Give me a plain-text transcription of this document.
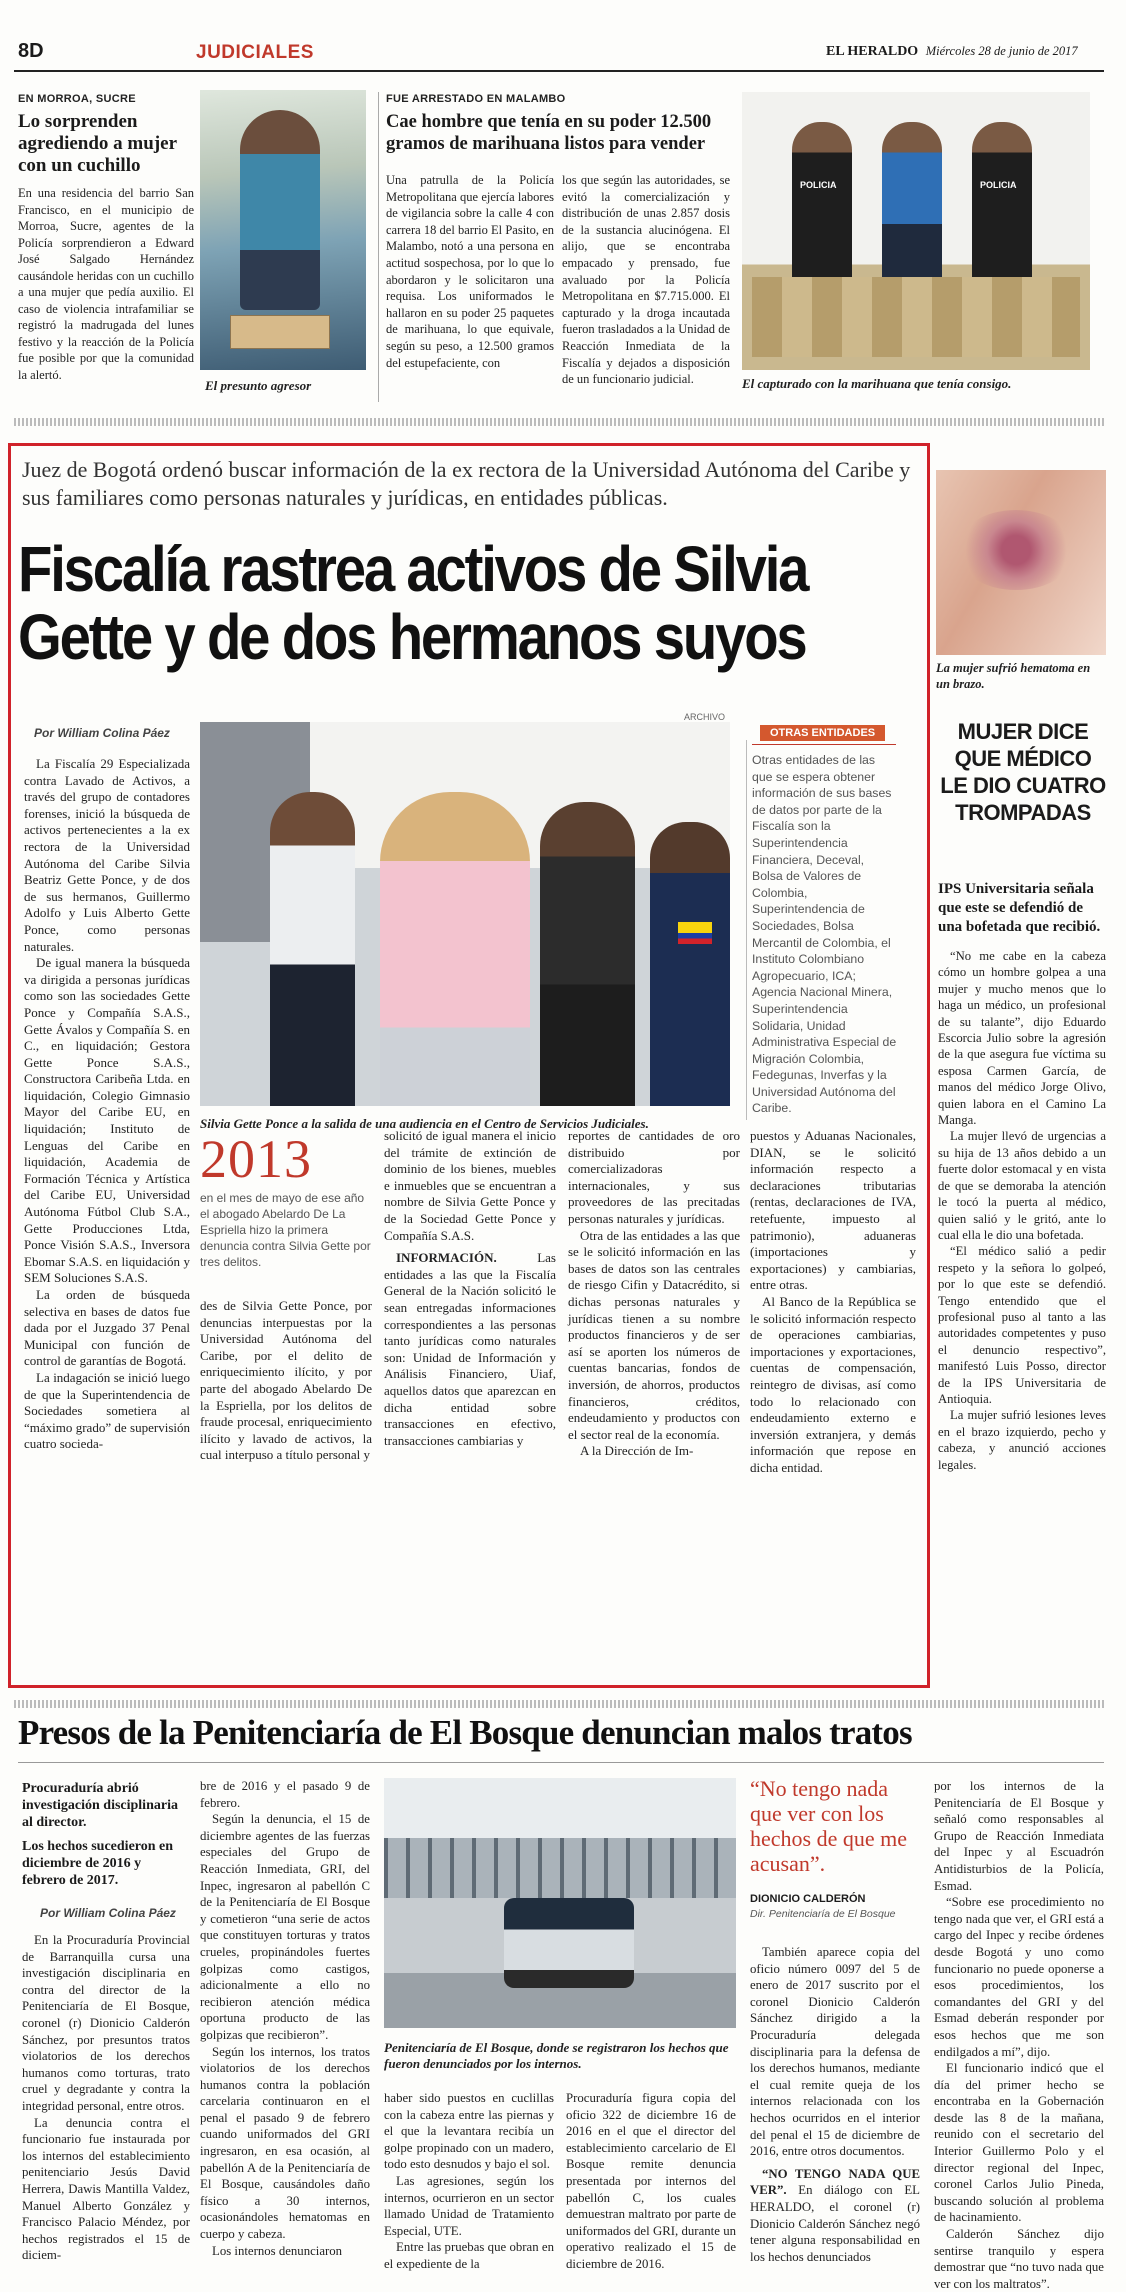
8D	JUDICIALES	EL HERALDO Miércoles 28 de junio de 2017
EN MORROA, SUCRE
Lo sorprenden agrediendo a mujer con un cuchillo
En una residencia del barrio San Francisco, en el municipio de Morroa, Sucre, agentes de la Policía sorprendieron a Edward José Salgado Hernández causándole heridas con un cuchillo a una mujer que pedía auxilio. El caso de violencia intrafamiliar se registró la madrugada del lunes festivo y la reacción de la Policía fue posible por que la comunidad la alertó.
El presunto agresor
FUE ARRESTADO EN MALAMBO
Cae hombre que tenía en su poder 12.500 gramos de marihuana listos para vender
Una patrulla de la Policía Metropolitana que ejercía labores de vigilancia sobre la calle 4 con carrera 18 del barrio El Pasito, en Malambo, notó a una persona en actitud sospechosa, por lo que lo abordaron y le solicitaron una requisa. Los uniformados le hallaron en su poder 25 paquetes de marihuana, lo que equivale, según su peso, a 12.500 gramos del estupefaciente, con
los que según las autoridades, se evitó la comercialización y distribución de unas 2.857 dosis de la sustancia alucinógena. El alijo, que se encontraba empacado y prensado, fue avaluado por la Policía Metropolitana en $7.715.000. El capturado y la droga incautada fueron trasladados a la Unidad de Reacción Inmediata de la Fiscalía y dejados a disposición de un funcionario judicial.
POLICIA	POLICIA
El capturado con la marihuana que tenía consigo.
Juez de Bogotá ordenó buscar información de la ex rectora de la Universidad Autónoma del Caribe y sus familiares como personas naturales y jurídicas, en entidades públicas.
Fiscalía rastrea activos de Silvia Gette y de dos hermanos suyos
Por William Colina Páez
ARCHIVO
La Fiscalía 29 Especializada contra Lavado de Activos, a través del grupo de contadores forenses, inició la búsqueda de activos pertenecientes a la ex rectora de la Universidad Autónoma del Caribe Silvia Beatriz Gette Ponce, y de dos de sus hermanos, Guillermo Adolfo y Luis Alberto Gette Ponce, como personas naturales.
De igual manera la búsqueda va dirigida a personas jurídicas como son las sociedades Gette Ponce y Compañía S.A.S., Gette Ávalos y Compañía S. en C., en liquidación; Gestora Gette Ponce S.A.S., Constructora Caribeña Ltda. en liquidación, Colegio Gimnasio Mayor del Caribe EU, en liquidación; Instituto de Lenguas del Caribe en liquidación, Academia de Formación Técnica y Artística del Caribe EU, Universidad Autónoma Fútbol Club S.A., Gette Producciones Ltda, Ponce Visión S.A.S., Inversora Ebomar S.A.S. en liquidación y SEM Soluciones S.A.S.
La orden de búsqueda selectiva en bases de datos fue dada por el Juzgado 37 Penal Municipal con función de control de garantías de Bogotá.
La indagación se inició luego de que la Superintendencia de Sociedades sometiera al “máximo grado” de supervisión cuatro socieda-
Silvia Gette Ponce a la salida de una audiencia en el Centro de Servicios Judiciales.
OTRAS ENTIDADES
Otras entidades de las que se espera obtener información de sus bases de datos por parte de la Fiscalía son la Superintendencia Financiera, Deceval, Bolsa de Valores de Colombia, Superintendencia de Sociedades, Bolsa Mercantil de Colombia, el Instituto Colombiano Agropecuario, ICA; Agencia Nacional Minera, Superintendencia Solidaria, Unidad Administrativa Especial de Migración Colombia, Fedegunas, Inverfas y la Universidad Autónoma del Caribe.
2013
en el mes de mayo de ese año el abogado Abelardo De La Espriella hizo la primera denuncia contra Silvia Gette por tres delitos.
des de Silvia Gette Ponce, por denuncias interpuestas por la Universidad Autónoma del Caribe, por el delito de enriquecimiento ilícito, y por parte del abogado Abelardo De la Espriella, por los delitos de fraude procesal, enriquecimiento ilícito y lavado de activos, la cual interpuso a título personal y
solicitó de igual manera el inicio del trámite de extinción de dominio de los bienes, muebles e inmuebles que se encuentran a nombre de Silvia Gette Ponce y de la Sociedad Gette Ponce y Compañía S.A.S.
INFORMACIÓN. Las entidades a las que la Fiscalía General de la Nación solicitó le sean entregadas informaciones correspondientes a las personas tanto jurídicas como naturales son: Unidad de Información y Análisis Financiero, Uiaf, aquellos datos que aparezcan en dicha entidad sobre transacciones en efectivo, transacciones cambiarias y
reportes de cantidades de oro distribuido por comercializadoras internacionales, y sus proveedores de las precitadas personas naturales y jurídicas.
Otra de las entidades a las que se le solicitó información en las bases de datos son las centrales de riesgo Cifin y Datacrédito, si dichas personas naturales y jurídicas tienen a su nombre productos financieros y de ser así se aporten los números de cuentas bancarias, fondos de inversión, de ahorros, productos financieros, créditos, endeudamiento y productos con el sector real de la economía.
A la Dirección de Im-
puestos y Aduanas Nacionales, DIAN, se le solicitó información respecto a declaraciones tributarias (rentas, declaraciones de IVA, retefuente, impuesto al patrimonio), aduaneras (importaciones y exportaciones) y cambiarias, entre otras.
Al Banco de la República se le solicitó información respecto de operaciones cambiarias, importaciones y exportaciones, cuentas de compensación, reintegro de divisas, así como todo lo relacionado con endeudamiento externo e inversión extranjera, y demás información que repose en dicha entidad.
La mujer sufrió hematoma en un brazo.
MUJER DICE QUE MÉDICO LE DIO CUATRO TROMPADAS
IPS Universitaria señala que este se defendió de una bofetada que recibió.
“No me cabe en la cabeza cómo un hombre golpea a una mujer y mucho menos que lo haga un médico, un profesional de su talante”, dijo Eduardo Escorcia Julio sobre la agresión de la que asegura fue víctima su esposa Carmen García, de manos del médico Jorge Olivo, quien labora en el Camino La Manga.
La mujer llevó de urgencias a su hija de 13 años debido a un fuerte dolor estomacal y en vista de que se demoraba la atención le tocó la puerta al médico, quien salió y le gritó, ante lo cual ella le dio una bofetada.
“El médico salió a pedir respeto y la señora lo golpeó, por lo que este se defendió. Tengo entendido que el profesional puso al tanto a las autoridades competentes y puso el denuncio respectivo”, manifestó Luis Posso, director de la IPS Universitaria de Antioquia.
La mujer sufrió lesiones leves en el brazo izquierdo, pecho y cabeza, y anunció acciones legales.
Presos de la Penitenciaría de El Bosque denuncian malos tratos
Procuraduría abrió investigación disciplinaria al director.
Los hechos sucedieron en diciembre de 2016 y febrero de 2017.
Por William Colina Páez
En la Procuraduría Provincial de Barranquilla cursa una investigación disciplinaria en contra del director de la Penitenciaría de El Bosque, coronel (r) Dionicio Calderón Sánchez, por presuntos tratos violatorios de los derechos humanos como torturas, trato cruel y degradante y contra la integridad personal, entre otros.
La denuncia contra el funcionario fue instaurada por los internos del establecimiento penitenciario Jesús David Herrera, Dawis Mantilla Valdez, Manuel Alberto González y Francisco Palacio Méndez, por hechos registrados el 15 de diciem-
bre de 2016 y el pasado 9 de febrero.
Según la denuncia, el 15 de diciembre agentes de las fuerzas especiales del Grupo de Reacción Inmediata, GRI, del Inpec, ingresaron al pabellón C de la Penitenciaría de El Bosque y cometieron “una serie de actos que constituyen torturas y tratos crueles, propinándoles fuertes golpizas como castigos, adicionalmente a ello no recibieron atención médica oportuna producto de las golpizas que recibieron”.
Según los internos, los tratos violatorios de los derechos humanos contra la población carcelaria continuaron en el penal el pasado 9 de febrero cuando uniformados del GRI ingresaron, en esa ocasión, al pabellón A de la Penitenciaría de El Bosque, causándoles daño físico a 30 internos, ocasionándoles hematomas en cuerpo y cabeza.
Los internos denunciaron
Penitenciaría de El Bosque, donde se registraron los hechos que fueron denunciados por los internos.
haber sido puestos en cuclillas con la cabeza entre las piernas y el que la levantara recibía un golpe propinado con un madero, todo esto desnudos y bajo el sol.
Las agresiones, según los internos, ocurrieron en un sector llamado Unidad de Tratamiento Especial, UTE.
Entre las pruebas que obran en el expediente de la
Procuraduría figura copia del oficio 322 de diciembre 16 de 2016 en el que el director del establecimiento carcelario de El Bosque remite denuncia presentada por internos del pabellón C, los cuales demuestran maltrato por parte de uniformados del GRI, durante un operativo realizado el 15 de diciembre de 2016.
“No tengo nada que ver con los hechos de que me acusan”.
DIONICIO CALDERÓN
Dir. Penitenciaría de El Bosque
También aparece copia del oficio número 0097 del 5 de enero de 2017 suscrito por el coronel Dionicio Calderón Sánchez dirigido a la Procuraduría delegada disciplinaria para la defensa de los derechos humanos, mediante el cual remite queja de los internos relacionada con los hechos ocurridos en el interior del penal el 15 de diciembre de 2016, entre otros documentos.
“NO TENGO NADA QUE VER”. En diálogo con EL HERALDO, el coronel (r) Dionicio Calderón Sánchez negó tener alguna responsabilidad en los hechos denunciados
por los internos de la Penitenciaría de El Bosque y señaló como responsables al Grupo de Reacción Inmediata del Inpec y al Escuadrón Antidisturbios de la Policía, Esmad.
“Sobre ese procedimiento no tengo nada que ver, el GRI está a cargo del Inpec y recibe órdenes desde Bogotá y uno como funcionario no puede oponerse a esos procedimientos, los comandantes del GRI y del Esmad deberán responder por esos hechos que me son endilgados a mí”, dijo.
El funcionario indicó que el día del primer hecho se encontraba en la Gobernación desde las 8 de la mañana, reunido con el secretario del Interior Guillermo Polo y el director regional del Inpec, coronel Carlos Julio Pineda, buscando solución al problema de hacinamiento.
Calderón Sánchez dijo sentirse tranquilo y espera demostrar que “no tuvo nada que ver con los maltratos”.
